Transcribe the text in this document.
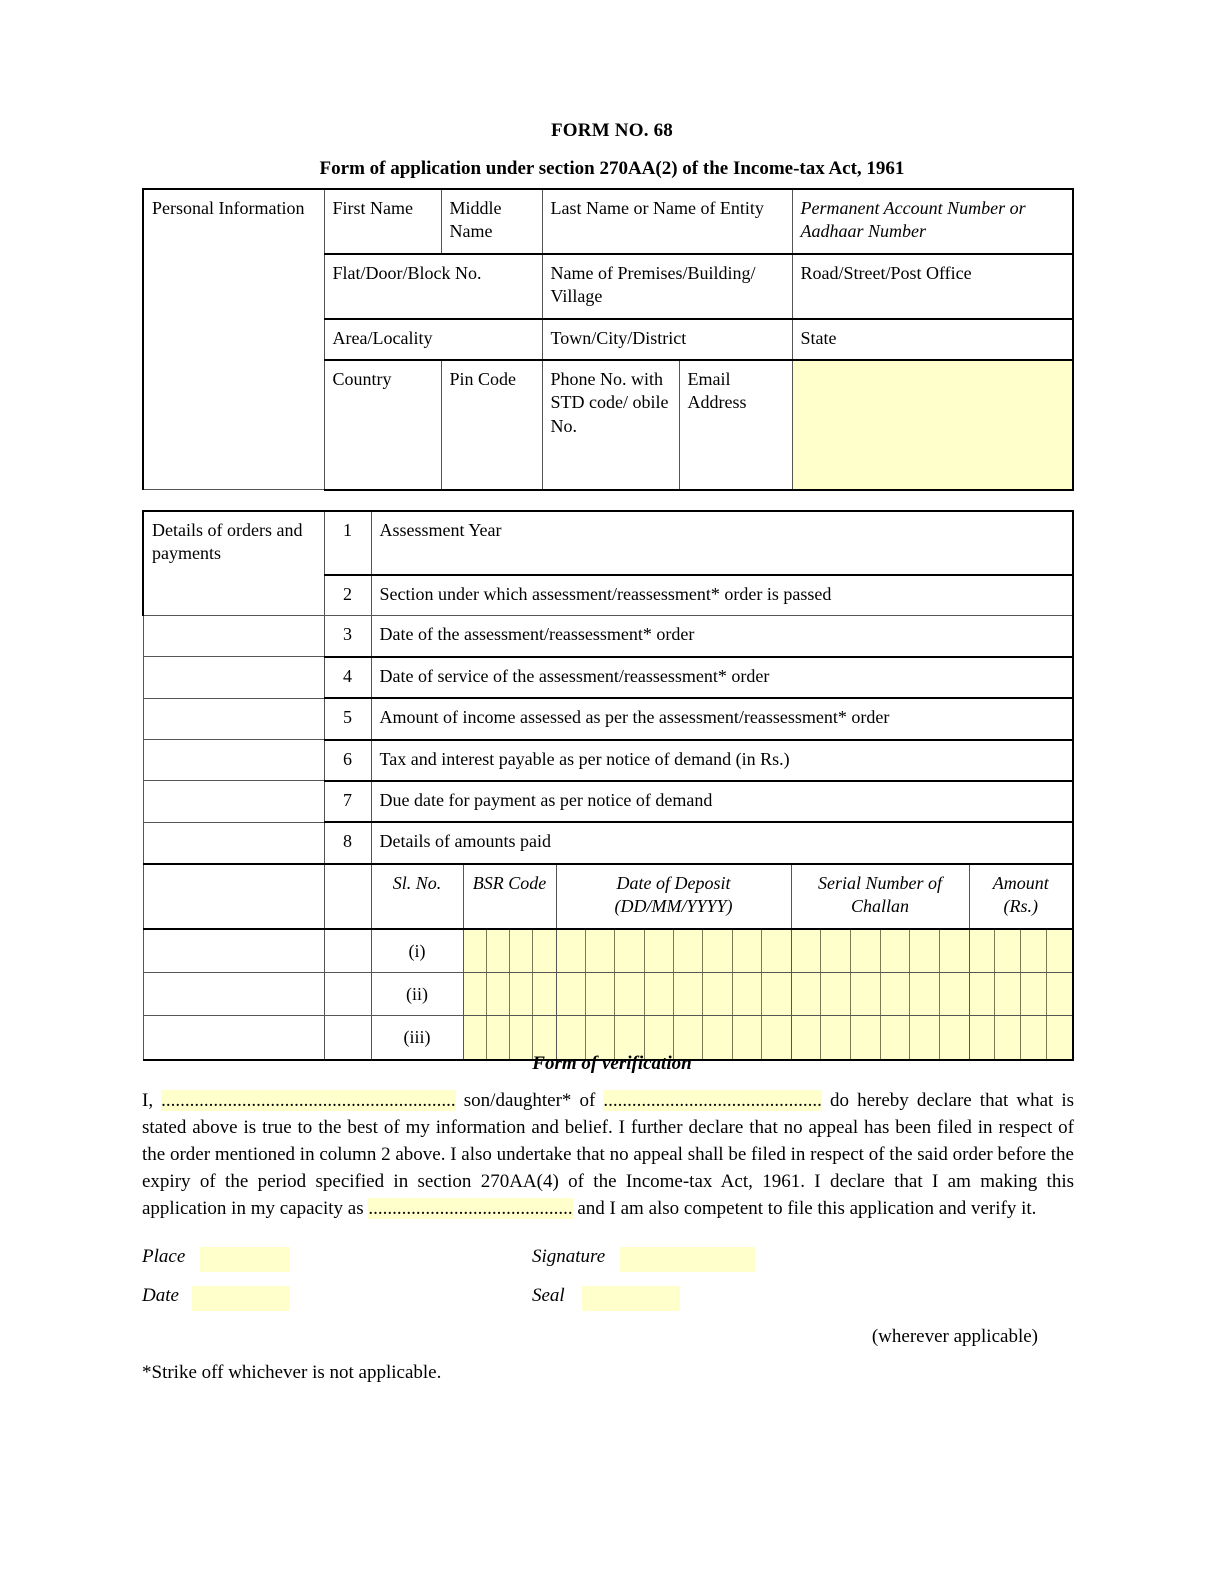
FORM NO. 68
Form of application under section 270AA(2) of the Income-tax Act, 1961
Personal Information	First Name	Middle Name	Last Name or Name of Entity		Permanent Account Number or Aadhaar Number
	Flat/Door/Block No.		Name of Premises/Building/ Village		Road/Street/Post Office
	Area/Locality		Town/City/District		State
	Country	Pin Code	Phone No. with STD code/ obile No.	Email Address	
Details of orders and payments	1	Assessment Year				
	2	Section under which assessment/reassessment* order is passed				
	3	Date of the assessment/reassessment* order				
	4	Date of service of the assessment/reassessment* order				
	5	Amount of income assessed as per the assessment/reassessment* order				
	6	Tax and interest payable as per notice of demand (in Rs.)				
	7	Due date for payment as per notice of demand				
	8	Details of amounts paid				
		Sl. No.	BSR Code	Date of Deposit (DD/MM/YYYY)	Serial Number of Challan	Amount (Rs.)
		(i)	

		(ii)	

		(iii)	

Form of verification
I, .............................................................. son/daughter* of .............................................. do hereby declare that what is stated above is true to the best of my information and belief. I further declare that no appeal has been filed in respect of the order mentioned in column 2 above. I also undertake that no appeal shall be filed in respect of the said order before the expiry of the period specified in section 270AA(4) of the Income-tax Act, 1961. I declare that I am making this application in my capacity as ........................................... and I am also competent to file this application and verify it.
Place	Signature
Date	Seal
(wherever applicable)
*Strike off whichever is not applicable.
